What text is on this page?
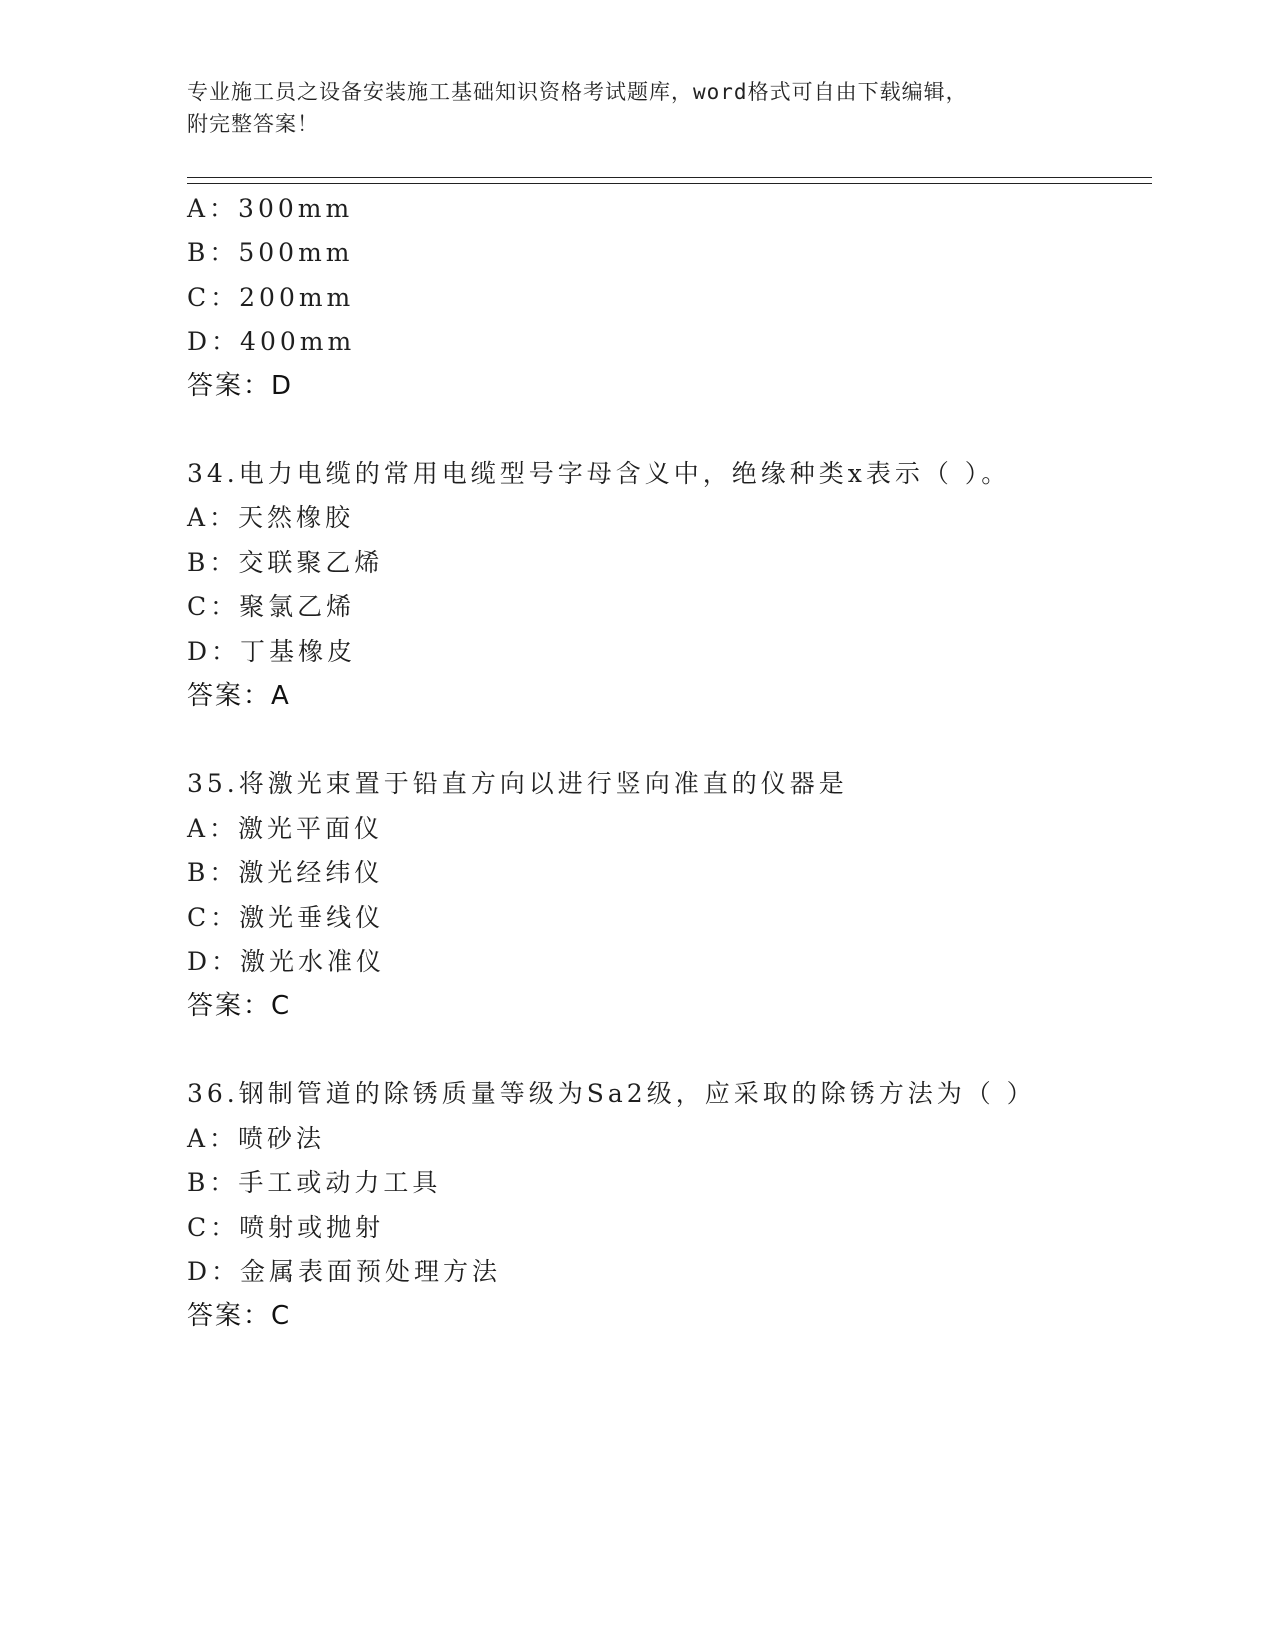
专业施工员之设备安装施工基础知识资格考试题库，word格式可自由下载编辑，
附完整答案！
A：300mm
B：500mm
C：200mm
D：400mm
答案：D
34.电力电缆的常用电缆型号字母含义中，绝缘种类x表示（ ）。
A：天然橡胶
B：交联聚乙烯
C：聚氯乙烯
D：丁基橡皮
答案：A
35.将激光束置于铅直方向以进行竖向准直的仪器是
A：激光平面仪
B：激光经纬仪
C：激光垂线仪
D：激光水准仪
答案：C
36.钢制管道的除锈质量等级为Sa2级，应采取的除锈方法为（ ）
A：喷砂法
B：手工或动力工具
C：喷射或抛射
D：金属表面预处理方法
答案：C
